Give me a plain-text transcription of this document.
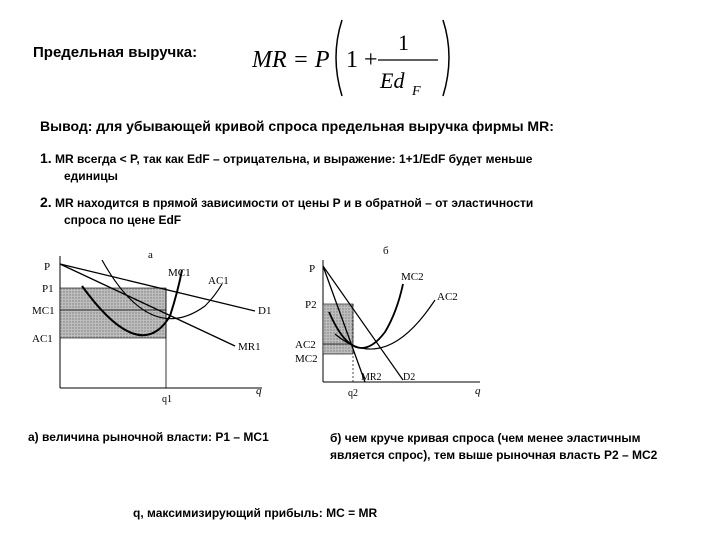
Предельная выручка: MR = P 1 +
1
Ed F
Вывод: для убывающей кривой спроса предельная выручка фирмы MR:
1. MR всегда < P, так как EdF – отрицательна, и выражение: 1+1/EdF будет меньше
единицы
2. MR находится в прямой зависимости от цены P и в обратной – от эластичности
спроса по цене EdF
а
P
P1
MC1
AC1
MC1
AC1
D1
MR1
q
q1
б
P
P2
AC2
MC2
MC2
AC2
MR2 D2
q
q2
а) величина рыночной власти: P1 – MC1	б) чем круче кривая спроса (чем менее эластичным является спрос), тем выше рыночная власть P2 – MC2
q, максимизирующий прибыль: MC = MR
